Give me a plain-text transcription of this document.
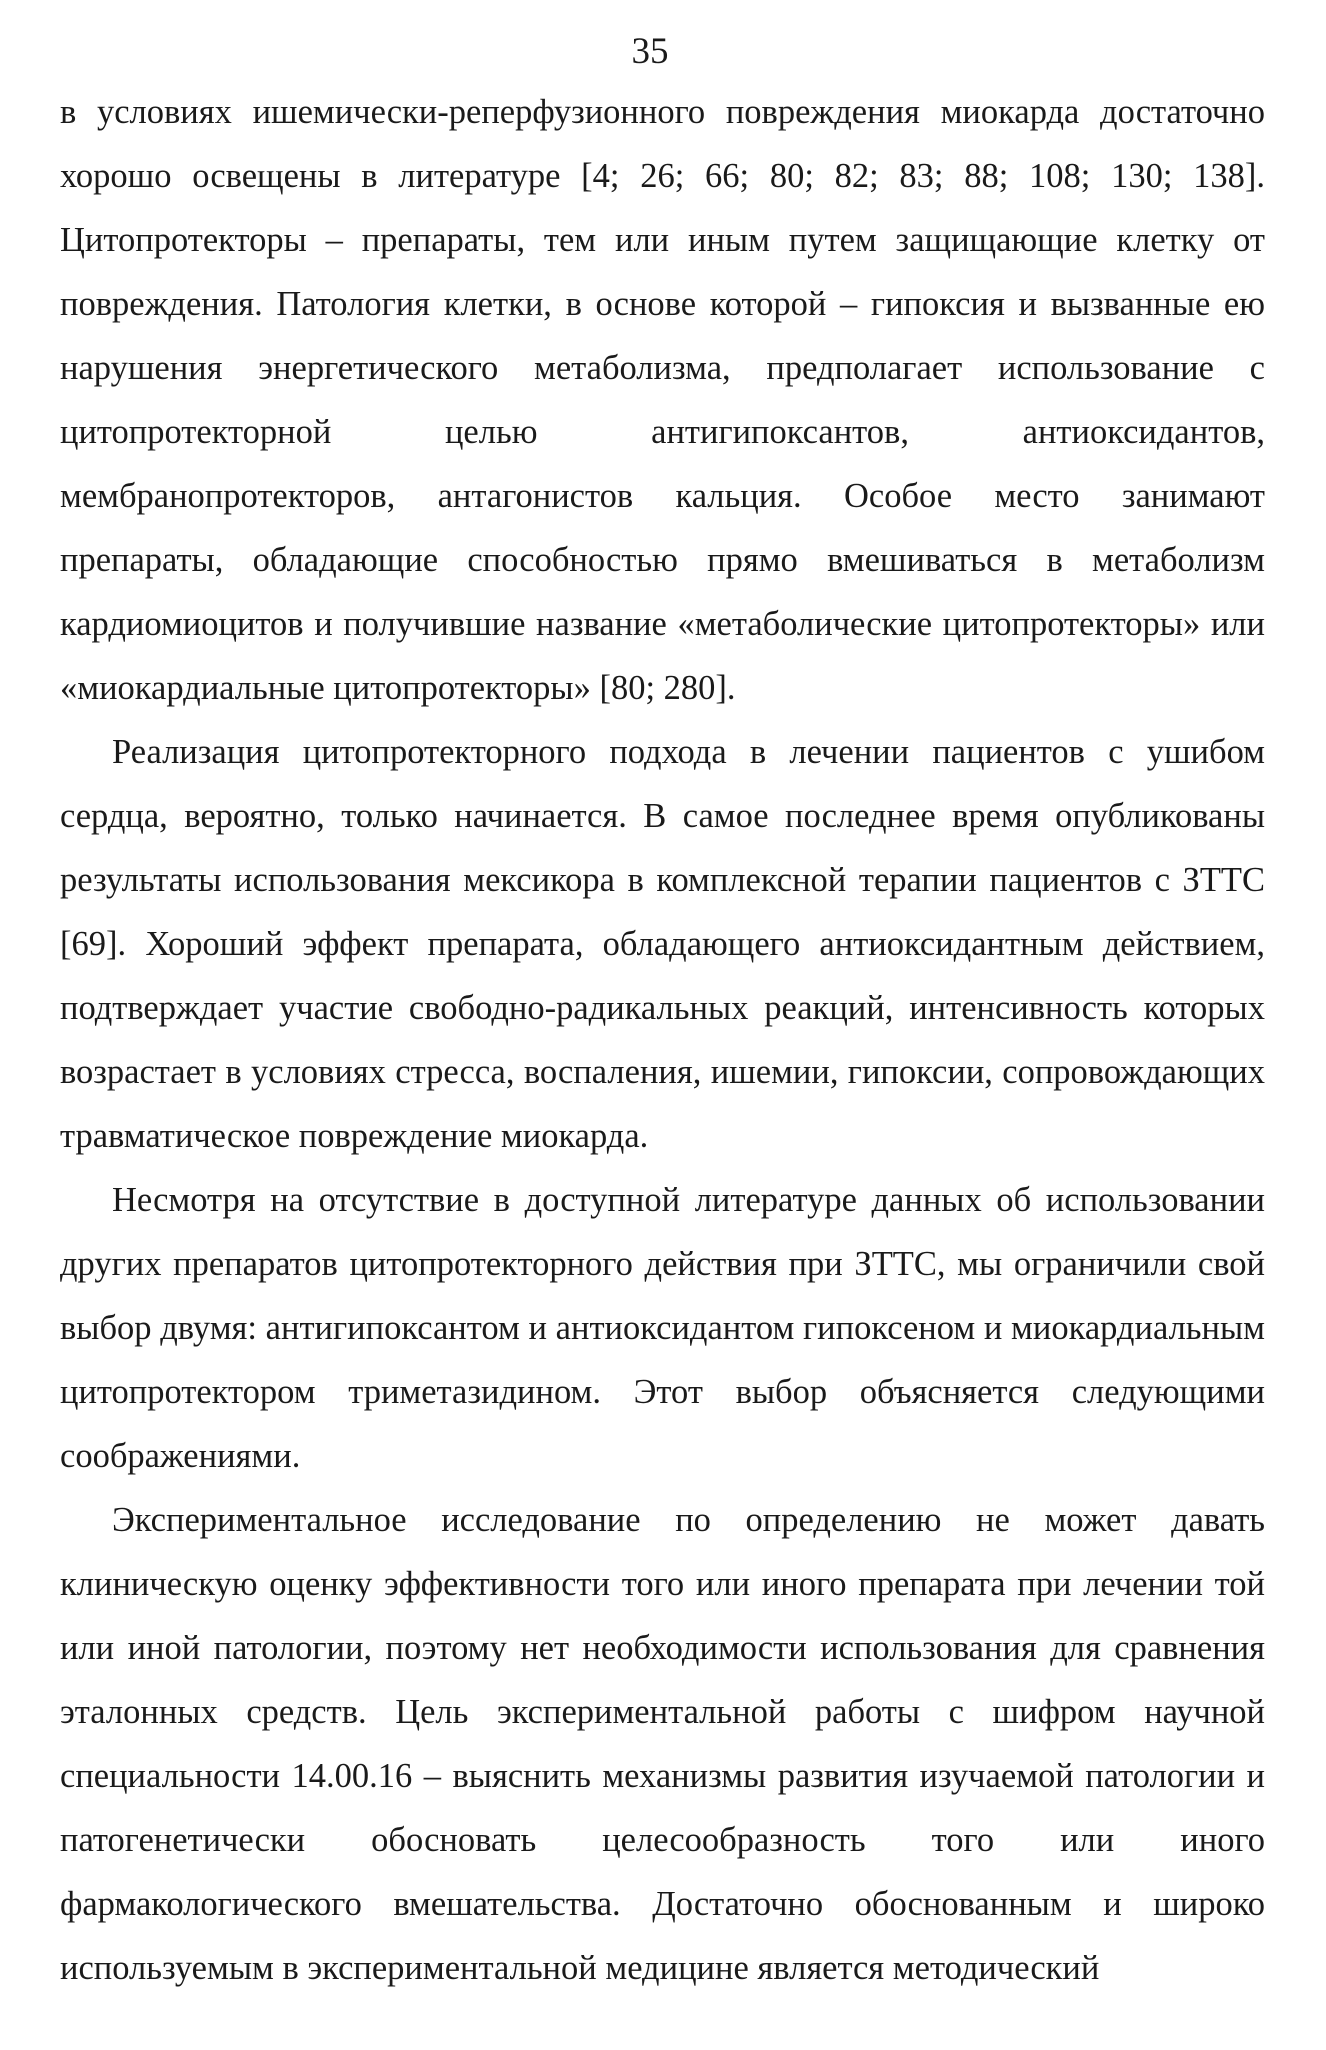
35

в условиях ишемически-реперфузионного повреждения миокарда достаточно хорошо освещены в литературе [4; 26; 66; 80; 82; 83; 88; 108; 130; 138]. Цитопротекторы – препараты, тем или иным путем защищающие клетку от повреждения. Патология клетки, в основе которой – гипоксия и вызванные ею нарушения энергетического метаболизма, предполагает использование с цитопротекторной целью антигипоксантов, антиоксидантов, мембранопротекторов, антагонистов кальция. Особое место занимают препараты, обладающие способностью прямо вмешиваться в метаболизм кардиомиоцитов и получившие название «метаболические цитопротекторы» или «миокардиальные цитопротекторы» [80; 280].

Реализация цитопротекторного подхода в лечении пациентов с ушибом сердца, вероятно, только начинается. В самое последнее время опубликованы результаты использования мексикора в комплексной терапии пациентов с ЗТТС [69]. Хороший эффект препарата, обладающего антиоксидантным действием, подтверждает участие свободно-радикальных реакций, интенсивность которых возрастает в условиях стресса, воспаления, ишемии, гипоксии, сопровождающих травматическое повреждение миокарда.

Несмотря на отсутствие в доступной литературе данных об использовании других препаратов цитопротекторного действия при ЗТТС, мы ограничили свой выбор двумя: антигипоксантом и антиоксидантом гипоксеном и миокардиальным цитопротектором триметазидином. Этот выбор объясняется следующими соображениями.

Экспериментальное исследование по определению не может давать клиническую оценку эффективности того или иного препарата при лечении той или иной патологии, поэтому нет необходимости использования для сравнения эталонных средств. Цель экспериментальной работы с шифром научной специальности 14.00.16 – выяснить механизмы развития изучаемой патологии и патогенетически обосновать целесообразность того или иного фармакологического вмешательства. Достаточно обоснованным и широко используемым в экспериментальной медицине является методический
